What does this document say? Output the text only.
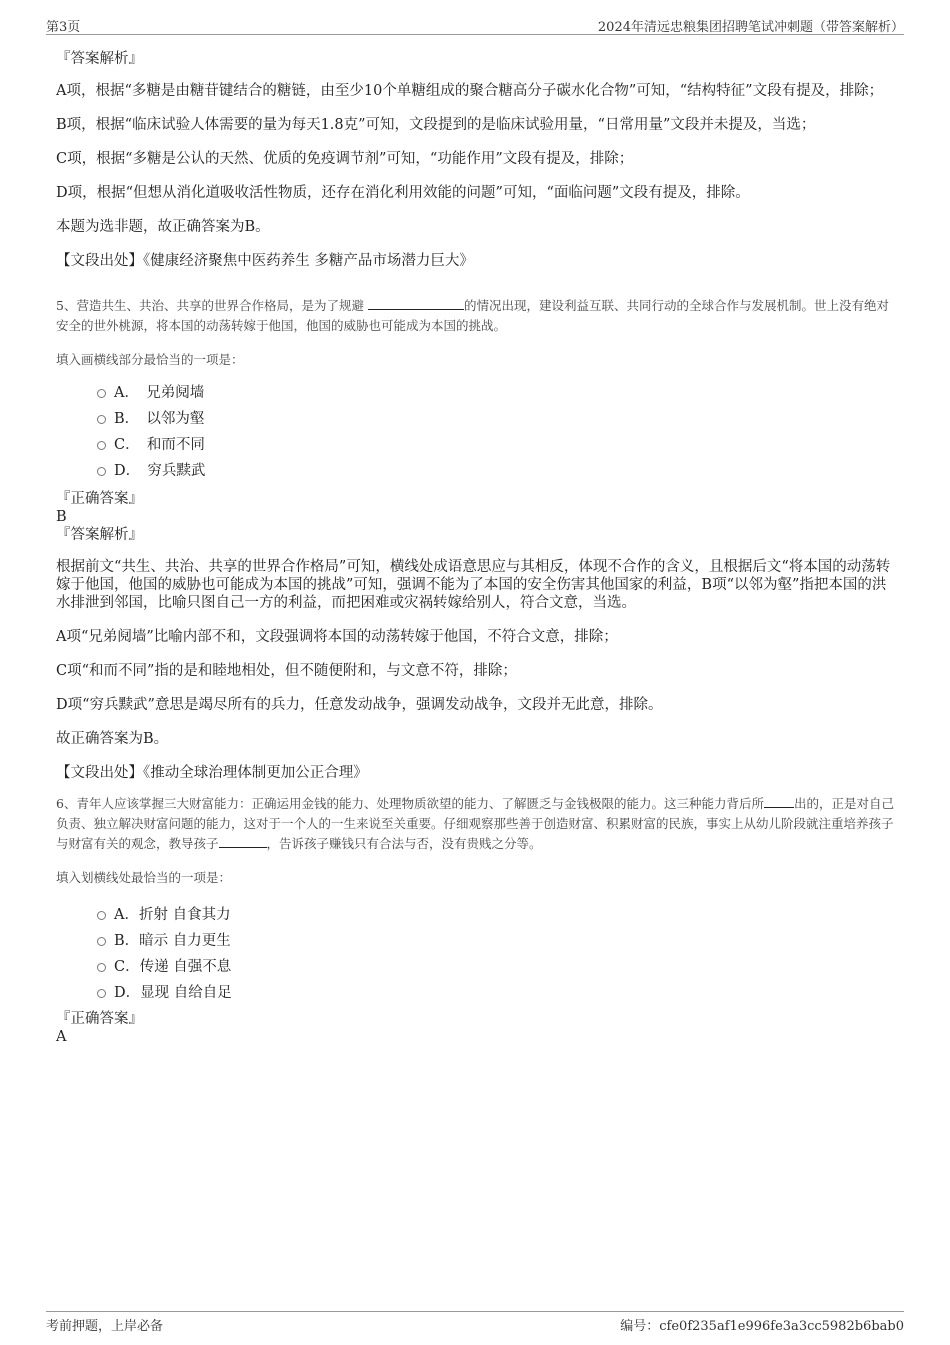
第3页	2024年清远忠粮集团招聘笔试冲刺题（带答案解析）

『答案解析』

A项，根据“多糖是由糖苷键结合的糖链，由至少10个单糖组成的聚合糖高分子碳水化合物”可知，“结构特征”文段有提及，排除；

B项，根据“临床试验人体需要的量为每天1.8克”可知，文段提到的是临床试验用量，“日常用量”文段并未提及，当选；

C项，根据“多糖是公认的天然、优质的免疫调节剂”可知，“功能作用”文段有提及，排除；

D项，根据“但想从消化道吸收活性物质，还存在消化利用效能的问题”可知，“面临问题”文段有提及，排除。

本题为选非题，故正确答案为B。

【文段出处】《健康经济聚焦中医药养生 多糖产品市场潜力巨大》

5、营造共生、共治、共享的世界合作格局，是为了规避	的情况出现，建设利益互联、共同行动的全球合作与发展机制。世上没有绝对安全的世外桃源，将本国的动荡转嫁于他国，他国的威胁也可能成为本国的挑战。

填入画横线部分最恰当的一项是：

A．　兄弟阋墙
B．　以邻为壑
C．　和而不同
D．　穷兵黩武

『正确答案』

B

『答案解析』

根据前文“共生、共治、共享的世界合作格局”可知，横线处成语意思应与其相反，体现不合作的含义，且根据后文“将本国的动荡转嫁于他国，他国的威胁也可能成为本国的挑战”可知，强调不能为了本国的安全伤害其他国家的利益，B项“以邻为壑”指把本国的洪水排泄到邻国，比喻只图自己一方的利益，而把困难或灾祸转嫁给别人，符合文意，当选。

A项“兄弟阋墙”比喻内部不和，文段强调将本国的动荡转嫁于他国，不符合文意，排除；

C项“和而不同”指的是和睦地相处，但不随便附和，与文意不符，排除；

D项“穷兵黩武”意思是竭尽所有的兵力，任意发动战争，强调发动战争，文段并无此意，排除。

故正确答案为B。

【文段出处】《推动全球治理体制更加公正合理》

6、青年人应该掌握三大财富能力：正确运用金钱的能力、处理物质欲望的能力、了解匮乏与金钱极限的能力。这三种能力背后所 出的，正是对自己负责、独立解决财富问题的能力，这对于一个人的一生来说至关重要。仔细观察那些善于创造财富、积累财富的民族，事实上从幼儿阶段就注重培养孩子与财富有关的观念，教导孩子	，告诉孩子赚钱只有合法与否，没有贵贱之分等。

填入划横线处最恰当的一项是：

A．折射 自食其力
B．暗示 自力更生
C．传递 自强不息
D．显现 自给自足

『正确答案』

A

考前押题，上岸必备	编号：cfe0f235af1e996fe3a3cc5982b6bab0
